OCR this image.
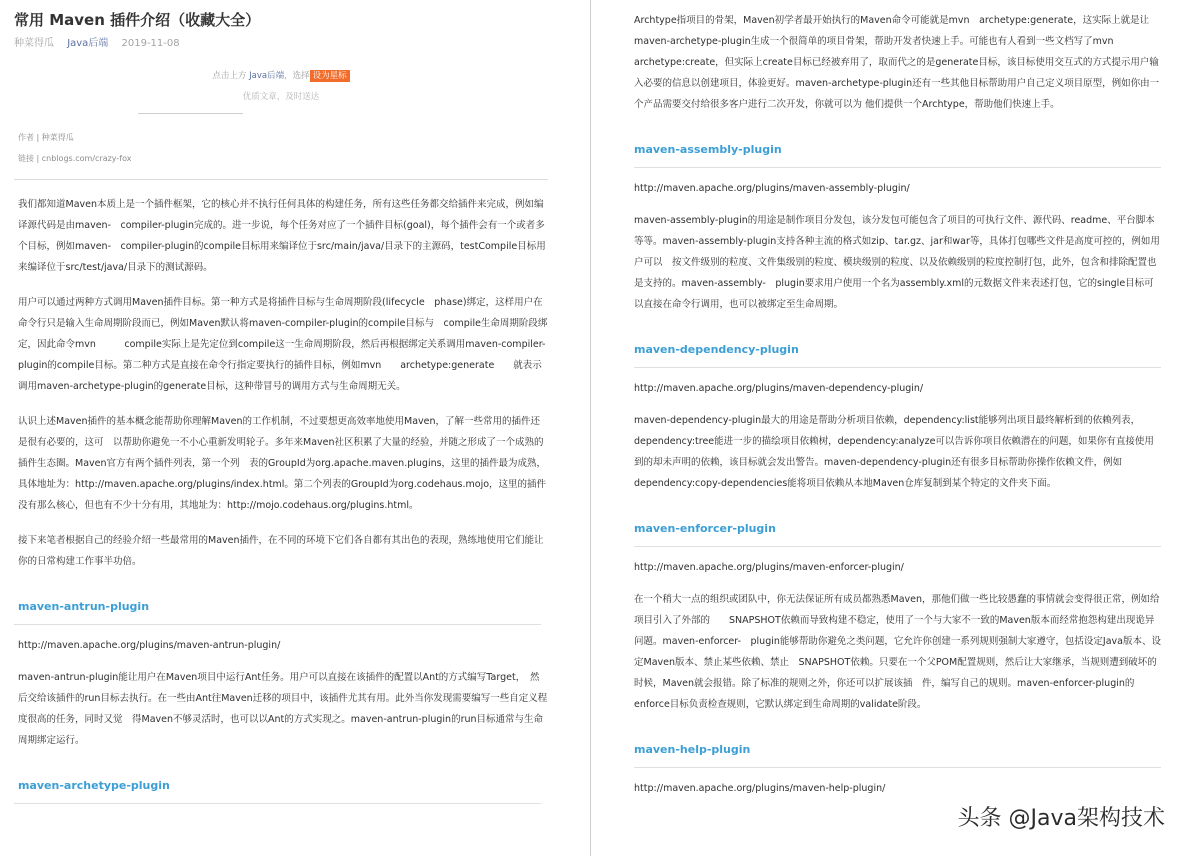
常用 Maven 插件介绍（收藏大全）
种菜得瓜 Java后端 2019-11-08
点击上方 Java后端，选择 设为星标
优质文章，及时送达
作者 | 种菜得瓜
链接 | cnblogs.com/crazy-fox

我们都知道Maven本质上是一个插件框架，它的核心并不执行任何具体的构建任务，所有这些任务都交给插件来完成，例如编译源代码是由maven-　compiler-plugin完成的。进一步说，每个任务对应了一个插件目标(goal)，每个插件会有一个或者多个目标，例如maven-　compiler-plugin的compile目标用来编译位于src/main/java/目录下的主源码，testCompile目标用来编译位于src/test/java/目录下的测试源码。

用户可以通过两种方式调用Maven插件目标。第一种方式是将插件目标与生命周期阶段(lifecycle　phase)绑定，这样用户在命令行只是输入生命周期阶段而已，例如Maven默认将maven-compiler-plugin的compile目标与　compile生命周期阶段绑定，因此命令mvn　　　compile实际上是先定位到compile这一生命周期阶段，然后再根据绑定关系调用maven-compiler-plugin的compile目标。第二种方式是直接在命令行指定要执行的插件目标，例如mvn　　archetype:generate　　就表示调用maven-archetype-plugin的generate目标，这种带冒号的调用方式与生命周期无关。

认识上述Maven插件的基本概念能帮助你理解Maven的工作机制，不过要想更高效率地使用Maven，了解一些常用的插件还是很有必要的，这可　以帮助你避免一不小心重新发明轮子。多年来Maven社区积累了大量的经验，并随之形成了一个成熟的插件生态圈。Maven官方有两个插件列表，第一个列　表的GroupId为org.apache.maven.plugins，这里的插件最为成熟，具体地址为：http://maven.apache.org/plugins/index.html。第二个列表的GroupId为org.codehaus.mojo，这里的插件没有那么核心，但也有不少十分有用，其地址为：http://mojo.codehaus.org/plugins.html。

接下来笔者根据自己的经验介绍一些最常用的Maven插件，在不同的环境下它们各自都有其出色的表现，熟练地使用它们能让你的日常构建工作事半功倍。

maven-antrun-plugin
http://maven.apache.org/plugins/maven-antrun-plugin/

maven-antrun-plugin能让用户在Maven项目中运行Ant任务。用户可以直接在该插件的配置以Ant的方式编写Target，　然后交给该插件的run目标去执行。在一些由Ant往Maven迁移的项目中，该插件尤其有用。此外当你发现需要编写一些自定义程度很高的任务，同时又觉　得Maven不够灵活时，也可以以Ant的方式实现之。maven-antrun-plugin的run目标通常与生命周期绑定运行。

maven-archetype-plugin

Archtype指项目的骨架，Maven初学者最开始执行的Maven命令可能就是mvn　archetype:generate，这实际上就是让maven-archetype-plugin生成一个很简单的项目骨架，帮助开发者快速上手。可能也有人看到一些文档写了mvn　archetype:create，但实际上create目标已经被弃用了，取而代之的是generate目标，该目标使用交互式的方式提示用户输入必要的信息以创建项目，体验更好。maven-archetype-plugin还有一些其他目标帮助用户自己定义项目原型，例如你由一个产品需要交付给很多客户进行二次开发，你就可以为 他们提供一个Archtype，帮助他们快速上手。

maven-assembly-plugin
http://maven.apache.org/plugins/maven-assembly-plugin/

maven-assembly-plugin的用途是制作项目分发包，该分发包可能包含了项目的可执行文件、源代码、readme、平台脚本等等。maven-assembly-plugin支持各种主流的格式如zip、tar.gz、jar和war等，具体打包哪些文件是高度可控的，例如用户可以　按文件级别的粒度、文件集级别的粒度、模块级别的粒度、以及依赖级别的粒度控制打包，此外，包含和排除配置也是支持的。maven-assembly-　plugin要求用户使用一个名为assembly.xml的元数据文件来表述打包，它的single目标可以直接在命令行调用，也可以被绑定至生命周期。

maven-dependency-plugin
http://maven.apache.org/plugins/maven-dependency-plugin/

maven-dependency-plugin最大的用途是帮助分析项目依赖，dependency:list能够列出项目最终解析到的依赖列表，dependency:tree能进一步的描绘项目依赖树，dependency:analyze可以告诉你项目依赖潜在的问题，如果你有直接使用到的却未声明的依赖，该目标就会发出警告。maven-dependency-plugin还有很多目标帮助你操作依赖文件，例如dependency:copy-dependencies能将项目依赖从本地Maven仓库复制到某个特定的文件夹下面。

maven-enforcer-plugin
http://maven.apache.org/plugins/maven-enforcer-plugin/

在一个稍大一点的组织或团队中，你无法保证所有成员都熟悉Maven，那他们做一些比较愚蠢的事情就会变得很正常，例如给项目引入了外部的　　SNAPSHOT依赖而导致构建不稳定，使用了一个与大家不一致的Maven版本而经常抱怨构建出现诡异问题。maven-enforcer-　plugin能够帮助你避免之类问题，它允许你创建一系列规则强制大家遵守，包括设定Java版本、设定Maven版本、禁止某些依赖、禁止　SNAPSHOT依赖。只要在一个父POM配置规则，然后让大家继承，当规则遭到破坏的时候，Maven就会报错。除了标准的规则之外，你还可以扩展该插　件，编写自己的规则。maven-enforcer-plugin的enforce目标负责检查规则，它默认绑定到生命周期的validate阶段。

maven-help-plugin
http://maven.apache.org/plugins/maven-help-plugin/
头条 @Java架构技术
